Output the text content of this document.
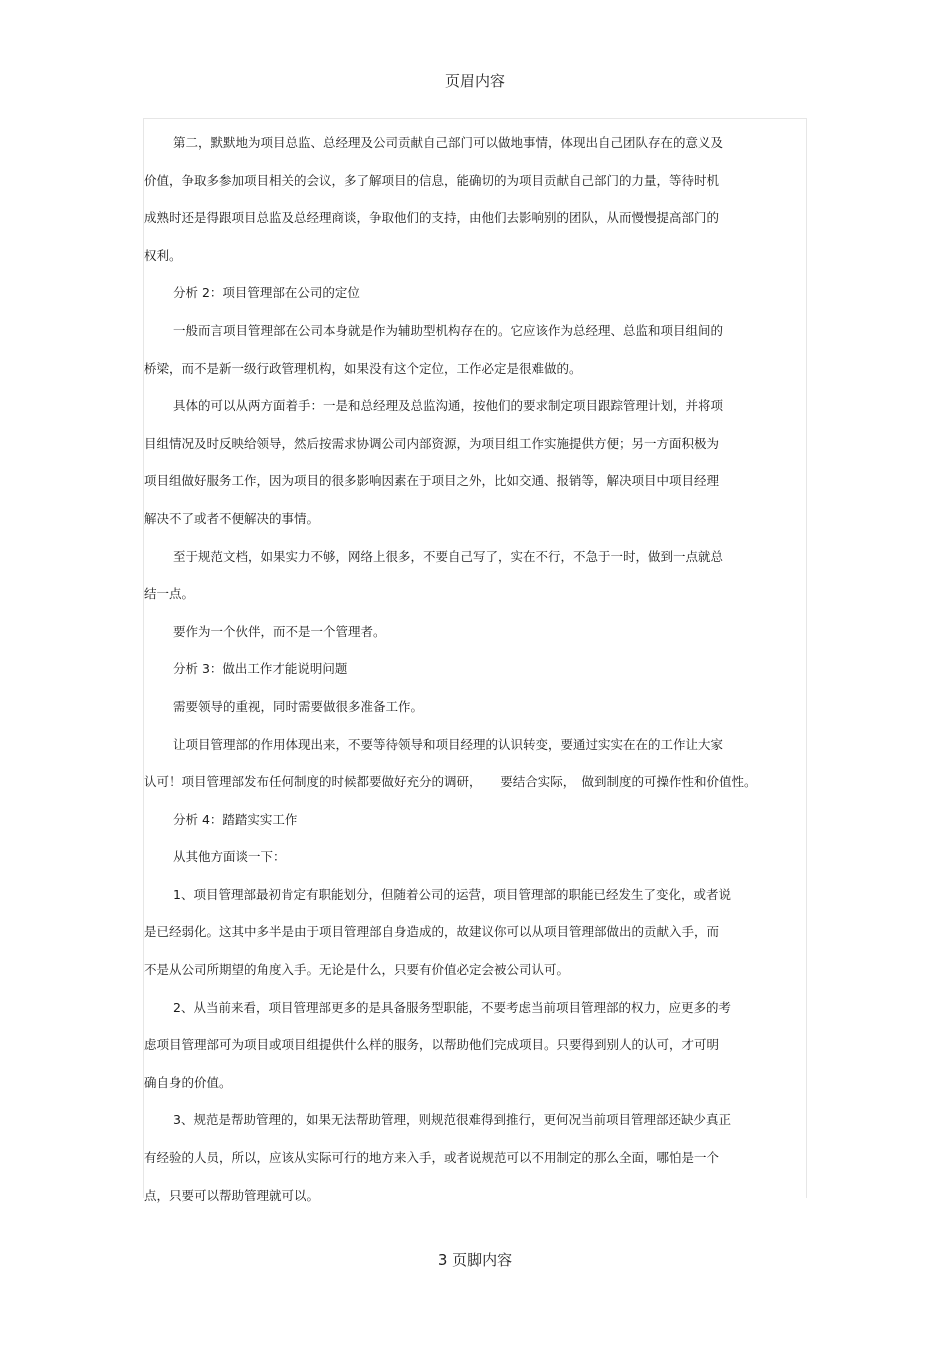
页眉内容
第二，默默地为项目总监、总经理及公司贡献自己部门可以做地事情，体现出自己团队存在的意义及
价值，争取多参加项目相关的会议，多了解项目的信息，能确切的为项目贡献自己部门的力量，等待时机
成熟时还是得跟项目总监及总经理商谈，争取他们的支持，由他们去影响别的团队，从而慢慢提高部门的
权利。
分析 2：项目管理部在公司的定位
一般而言项目管理部在公司本身就是作为辅助型机构存在的。它应该作为总经理、总监和项目组间的
桥梁，而不是新一级行政管理机构，如果没有这个定位，工作必定是很难做的。
具体的可以从两方面着手：一是和总经理及总监沟通，按他们的要求制定项目跟踪管理计划，并将项
目组情况及时反映给领导，然后按需求协调公司内部资源，为项目组工作实施提供方便；另一方面积极为
项目组做好服务工作，因为项目的很多影响因素在于项目之外，比如交通、报销等，解决项目中项目经理
解决不了或者不便解决的事情。
至于规范文档，如果实力不够，网络上很多，不要自己写了，实在不行，不急于一时，做到一点就总
结一点。
要作为一个伙伴，而不是一个管理者。
分析 3：做出工作才能说明问题
需要领导的重视，同时需要做很多准备工作。
让项目管理部的作用体现出来，不要等待领导和项目经理的认识转变，要通过实实在在的工作让大家
认可！项目管理部发布任何制度的时候都要做好充分的调研，　　要结合实际，　做到制度的可操作性和价值性。
分析 4：踏踏实实工作
从其他方面谈一下：
1、项目管理部最初肯定有职能划分，但随着公司的运营，项目管理部的职能已经发生了变化，或者说
是已经弱化。这其中多半是由于项目管理部自身造成的，故建议你可以从项目管理部做出的贡献入手，而
不是从公司所期望的角度入手。无论是什么，只要有价值必定会被公司认可。
2、从当前来看，项目管理部更多的是具备服务型职能，不要考虑当前项目管理部的权力，应更多的考
虑项目管理部可为项目或项目组提供什么样的服务，以帮助他们完成项目。只要得到别人的认可，才可明
确自身的价值。
3、规范是帮助管理的，如果无法帮助管理，则规范很难得到推行，更何况当前项目管理部还缺少真正
有经验的人员，所以，应该从实际可行的地方来入手，或者说规范可以不用制定的那么全面，哪怕是一个
点，只要可以帮助管理就可以。
3 页脚内容
